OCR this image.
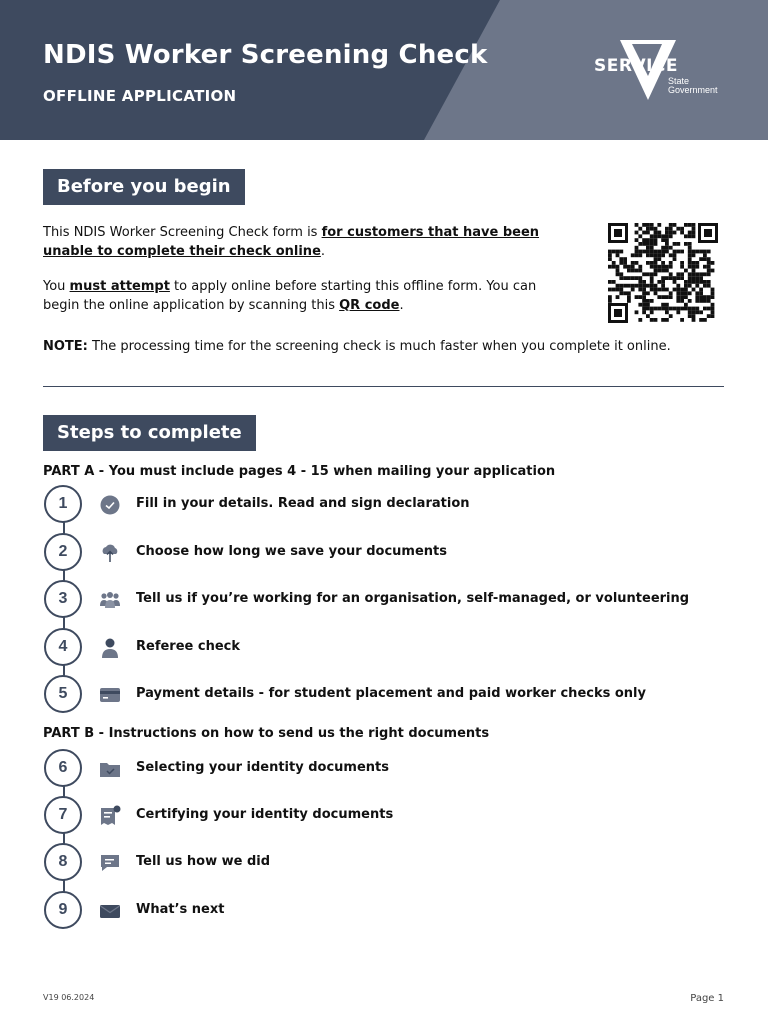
NDIS Worker Screening Check
OFFLINE APPLICATION
SERVICE
State
Government
Before you begin

This NDIS Worker Screening Check form is for customers that have been unable to complete their check online.

You must attempt to apply online before starting this offline form. You can begin the online application by scanning this QR code.

NOTE: The processing time for the screening check is much faster when you complete it online.

Steps to complete
PART A - You must include pages 4 - 15 when mailing your application
1	Fill in your details. Read and sign declaration
2	Choose how long we save your documents
3	Tell us if you’re working for an organisation, self-managed, or volunteering
4	Referee check
5	Payment details - for student placement and paid worker checks only
PART B - Instructions on how to send us the right documents
6	Selecting your identity documents
7	Certifying your identity documents
8	Tell us how we did
9	What’s next
V19 06.2024	Page 1
